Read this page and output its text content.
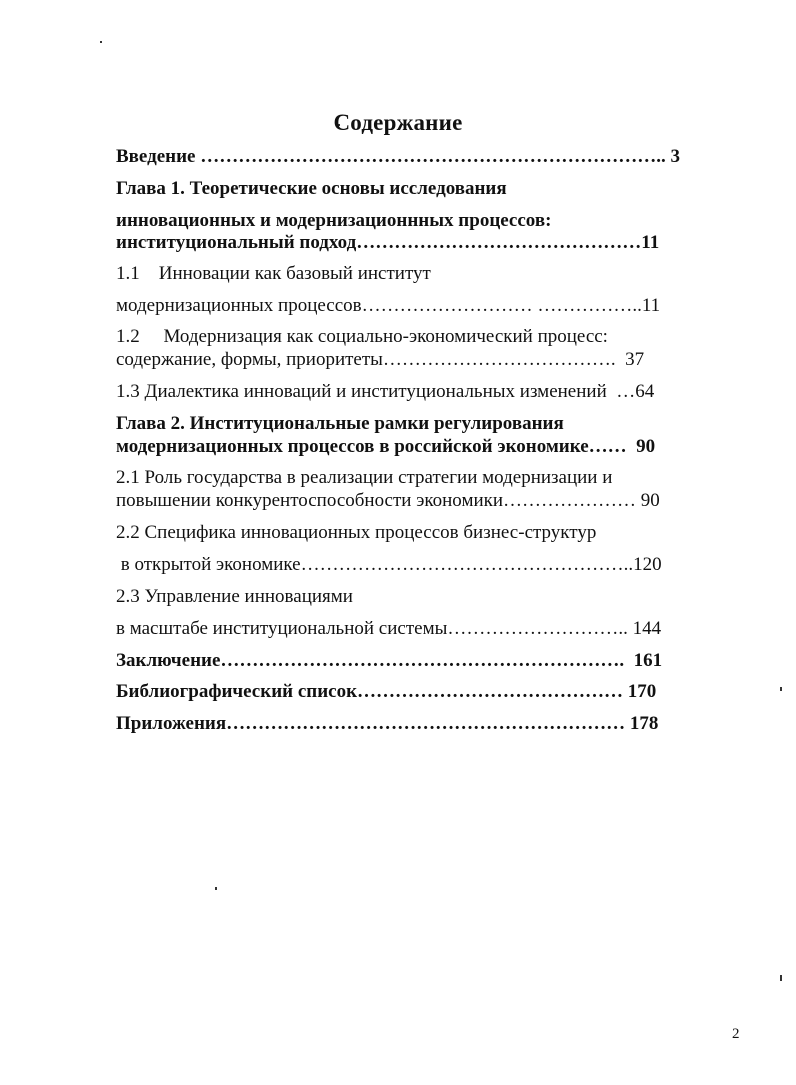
Содержание
Введение ……………………………………………………………….. 3
Глава 1. Теоретические основы исследования
инновационных и модернизационнных процессов:
институциональный подход………………………………………11
1.1    Инновации как базовый институт
модернизационных процессов……………………… ……………..11
1.2     Модернизация как социально-экономический процесс:
содержание, формы, приоритеты……………………………….  37
1.3 Диалектика инноваций и институциональных изменений  …64
Глава 2. Институциональные рамки регулирования
модернизационных процессов в российской экономике……  90
2.1 Роль государства в реализации стратегии модернизации и
повышении конкурентоспособности экономики………………… 90
2.2 Специфика инновационных процессов бизнес-структур
в открытой экономике……………………………………………..120
2.3 Управление инновациями
в масштабе институциональной системы……………………….. 144
Заключение……………………………………………………….  161
Библиографический список…………………………………… 170
Приложения……………………………………………………… 178
2
